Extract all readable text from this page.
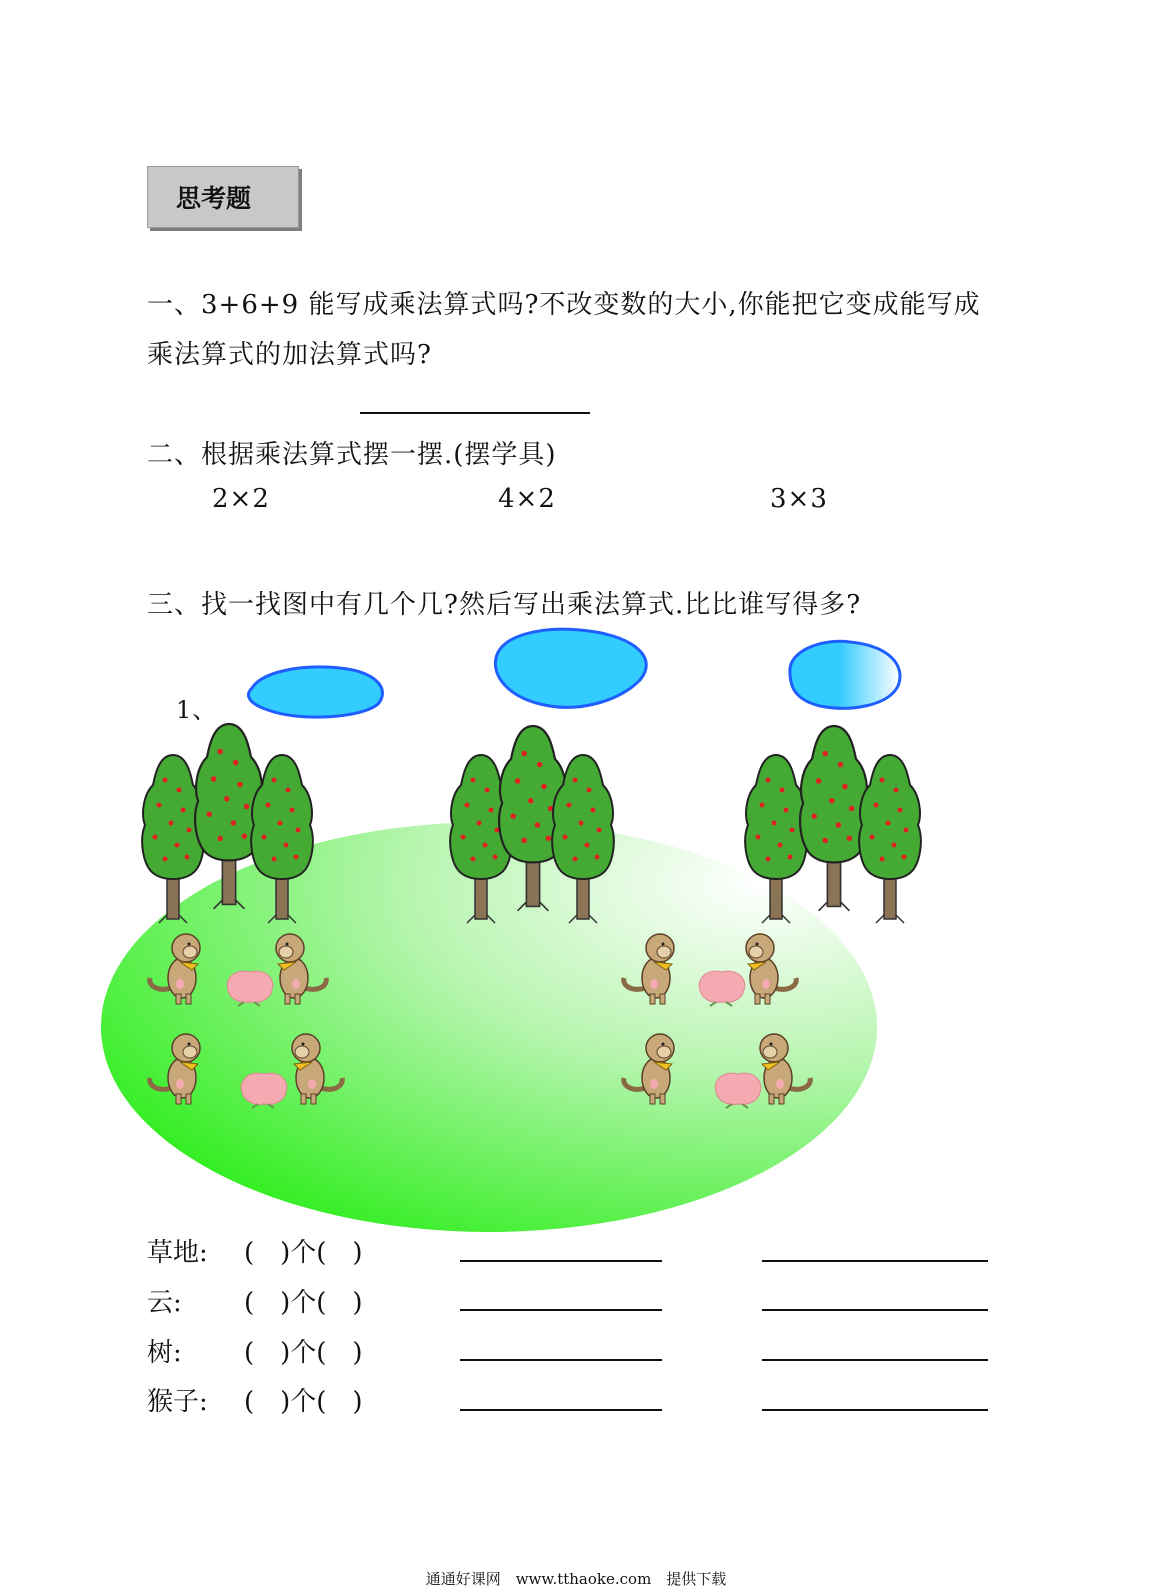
思考题
一、3+6+9 能写成乘法算式吗?不改变数的大小,你能把它变成能写成
乘法算式的加法算式吗?
二、根据乘法算式摆一摆.(摆学具)
2×2	4×2	3×3
三、找一找图中有几个几?然后写出乘法算式.比比谁写得多?
1、
草地: (　)个(　)
云: (　)个(　)
树: (　)个(　)
猴子: (　)个(　)
通通好课网　www.tthaoke.com　提供下载
